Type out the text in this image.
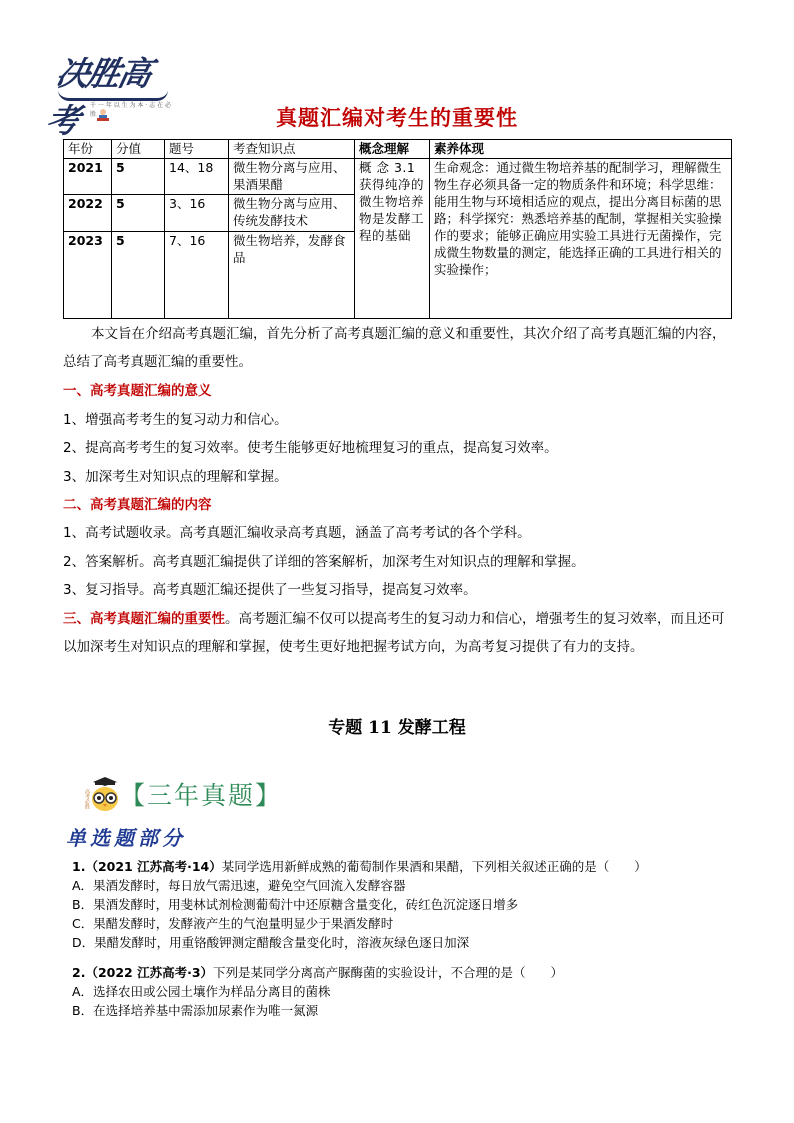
决胜高考	千 一 年 以 生 为 本 · 志 在 必 胜	真题汇编对考生的重要性
年份	分值	题号	考查知识点	概念理解	素养体现
2021	5	14、18	微生物分离与应用、果酒果醋	概 念 3.1 获得纯净的微生物培养物是发酵工程的基础	生命观念：通过微生物培养基的配制学习，理解微生物生存必须具备一定的物质条件和环境；科学思维：能用生物与环境相适应的观点，提出分离目标菌的思路；科学探究：熟悉培养基的配制，掌握相关实验操作的要求；能够正确应用实验工具进行无菌操作，完成微生物数量的测定，能选择正确的工具进行相关的实验操作；
2022	5	3、16	微生物分离与应用、传统发酵技术		
2023	5	7、16	微生物培养，发酵食品		
本文旨在介绍高考真题汇编，首先分析了高考真题汇编的意义和重要性，其次介绍了高考真题汇编的内容，总结了高考真题汇编的重要性。
一、高考真题汇编的意义
1、增强高考考生的复习动力和信心。
2、提高高考考生的复习效率。使考生能够更好地梳理复习的重点，提高复习效率。
3、加深考生对知识点的理解和掌握。
二、高考真题汇编的内容
1、高考试题收录。高考真题汇编收录高考真题，涵盖了高考考试的各个学科。
2、答案解析。高考真题汇编提供了详细的答案解析，加深考生对知识点的理解和掌握。
3、复习指导。高考真题汇编还提供了一些复习指导，提高复习效率。
三、高考真题汇编的重要性。高考题汇编不仅可以提高考生的复习动力和信心，增强考生的复习效率，而且还可以加深考生对知识点的理解和掌握，使考生更好地把握考试方向，为高考复习提供了有力的支持。
专题 11 发酵工程
高考必胜 【三年真题】
单选题部分
1.（2021 江苏高考·14）某同学选用新鲜成熟的葡萄制作果酒和果醋，下列相关叙述正确的是（　　）
A．果酒发酵时，每日放气需迅速，避免空气回流入发酵容器
B．果酒发酵时，用斐林试剂检测葡萄汁中还原糖含量变化，砖红色沉淀逐日增多
C．果醋发酵时，发酵液产生的气泡量明显少于果酒发酵时
D．果醋发酵时，用重铬酸钾测定醋酸含量变化时，溶液灰绿色逐日加深
2.（2022 江苏高考·3）下列是某同学分离高产脲酶菌的实验设计，不合理的是（　　）
A．选择农田或公园土壤作为样品分离目的菌株
B．在选择培养基中需添加尿素作为唯一氮源
